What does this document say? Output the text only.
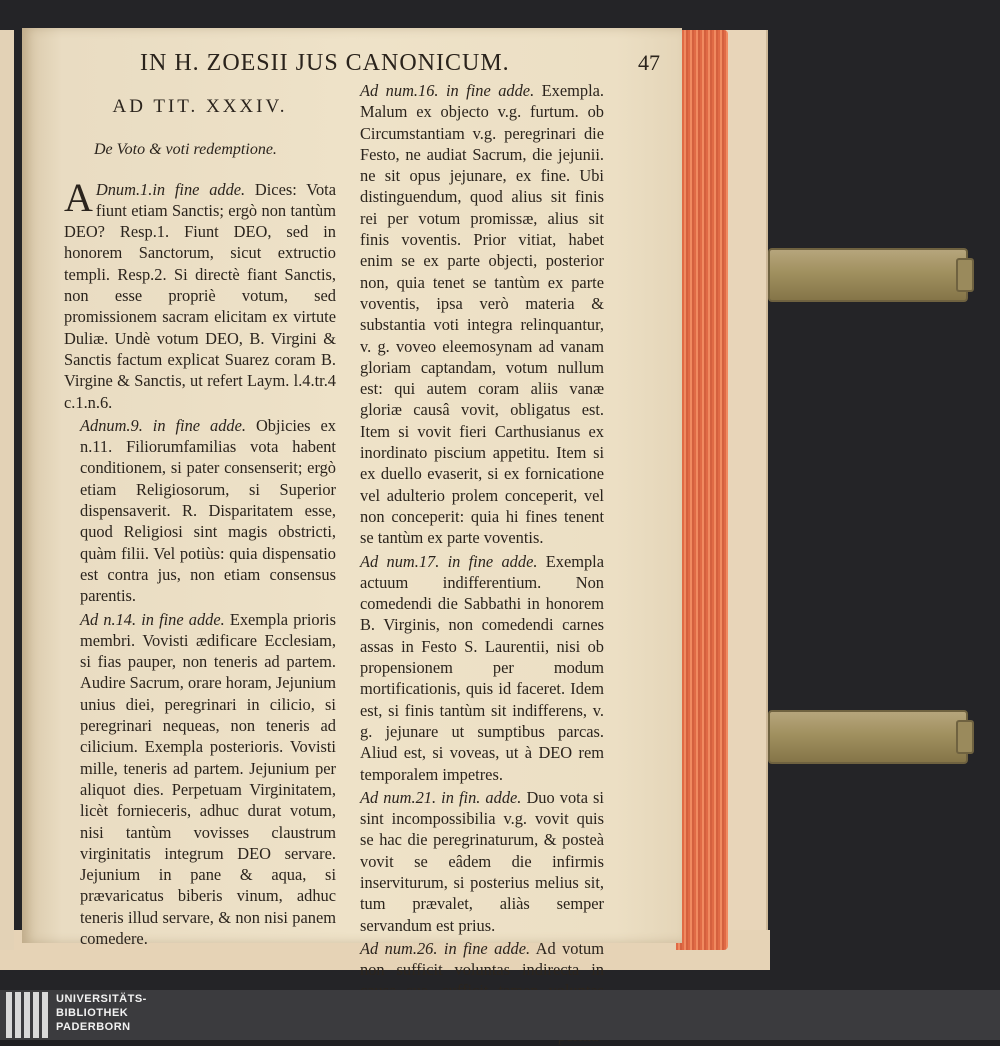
IN H. ZOESII JUS CANONICUM.	47

AD TIT. XXXIV.

De Voto & voti redemptione.

A Dnum.1.in fine adde. Dices: Vota fiunt etiam Sanctis; ergò non tantùm DEO? Resp.1. Fiunt DEO, sed in honorem Sanctorum, sicut extructio templi. Resp.2. Si directè fiant Sanctis, non esse propriè votum, sed promissionem sacram elicitam ex virtute Duliæ. Undè votum DEO, B. Virgini & Sanctis factum explicat Suarez coram B. Virgine & Sanctis, ut refert Laym. l.4.tr.4 c.1.n.6.

Adnum.9. in fine adde. Objicies ex n.11. Filiorumfamilias vota habent conditionem, si pater consenserit; ergò etiam Religiosorum, si Superior dispensaverit. R. Disparitatem esse, quod Religiosi sint magis obstricti, quàm filii. Vel potiùs: quia dispensatio est contra jus, non etiam consensus parentis.

Ad n.14. in fine adde. Exempla prioris membri. Vovisti ædificare Ecclesiam, si fias pauper, non teneris ad partem. Audire Sacrum, orare horam, Jejunium unius diei, peregrinari in cilicio, si peregrinari nequeas, non teneris ad cilicium. Exempla posterioris. Vovisti mille, teneris ad partem. Jejunium per aliquot dies. Perpetuam Virginitatem, licèt fornieceris, adhuc durat votum, nisi tantùm vovisses claustrum virginitatis integrum DEO servare. Jejunium in pane & aqua, si prævaricatus biberis vinum, adhuc teneris illud servare, & non nisi panem comedere.

Ad num.16. in fine adde. Exempla. Malum ex objecto v.g. furtum. ob Circumstantiam v.g. peregrinari die Festo, ne audiat Sacrum, die jejunii. ne sit opus jejunare, ex fine. Ubi distinguendum, quod alius sit finis rei per votum promissæ, alius sit finis voventis. Prior vitiat, habet enim se ex parte objecti, posterior non, quia tenet se tantùm ex parte voventis, ipsa verò materia & substantia voti integra relinquantur, v. g. voveo eleemosynam ad vanam gloriam captandam, votum nullum est: qui autem coram aliis vanæ gloriæ causâ vovit, obligatus est. Item si vovit fieri Carthusianus ex inordinato piscium appetitu. Item si ex duello evaserit, si ex fornicatione vel adulterio prolem conceperit, vel non conceperit: quia hi fines tenent se tantùm ex parte voventis.

Ad num.17. in fine adde. Exempla actuum indifferentium. Non comedendi die Sabbathi in honorem B. Virginis, non comedendi carnes assas in Festo S. Laurentii, nisi ob propensionem per modum mortificationis, quis id faceret. Idem est, si finis tantùm sit indifferens, v. g. jejunare ut sumptibus parcas. Aliud est, si voveas, ut à DEO rem temporalem impetres.

Ad num.21. in fin. adde. Duo vota si sint incompossibilia v.g. vovit quis se hac die peregrinaturum, & posteà vovit se eâdem die infirmis inserviturum, si posterius melius sit, tum prævalet, aliàs semper servandum est prius.

Ad num.26. in fine adde. Ad votum non sufficit voluntas indirecta in

UNIVERSITÄTS-
BIBLIOTHEK
PADERBORN
